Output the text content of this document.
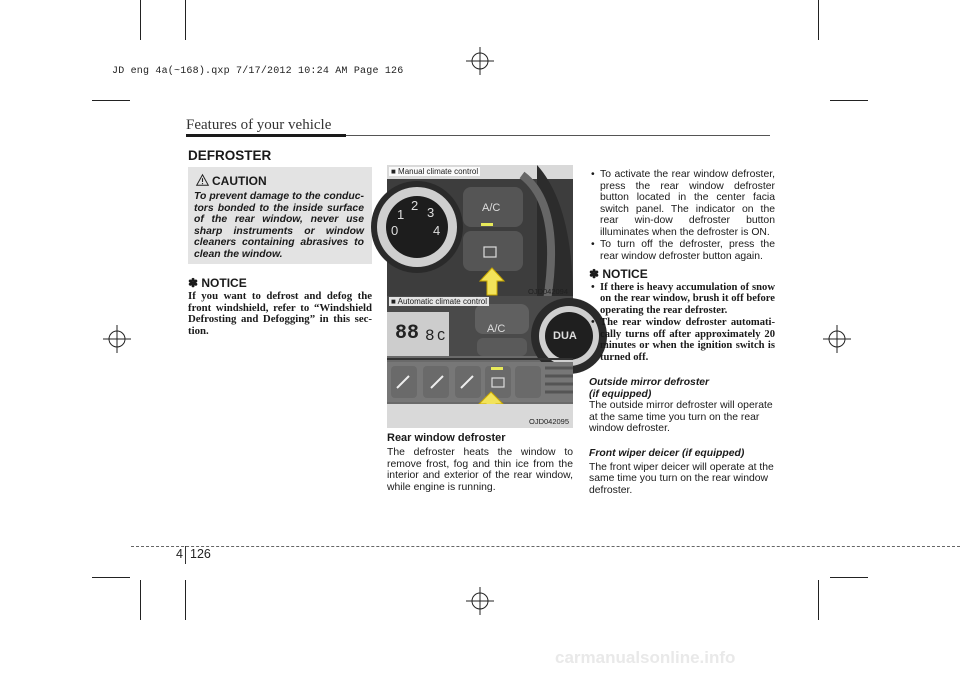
JD eng 4a(~168).qxp 7/17/2012 10:24 AM Page 126
Features of your vehicle
DEFROSTER
CAUTION
To prevent damage to the conduc-tors bonded to the inside surface of the rear window, never use sharp instruments or window cleaners containing abrasives to clean the window.
✽ NOTICE
If you want to defrost and defog the front windshield, refer to “Windshield Defrosting and Defogging” in this sec-tion.
1
2 3
0	4
A/C
■ Manual climate control
OJD042094
88 8 C	A/C
DUA
■ Automatic climate control
OJD042095
Rear window defroster
The defroster heats the window to remove frost, fog and thin ice from the interior and exterior of the rear window, while engine is running.
• To activate the rear window defroster, press the rear window defroster button located in the center facia switch panel. The indicator on the rear win-dow defroster button illuminates when the defroster is ON.
• To turn off the defroster, press the rear window defroster button again.
✽ NOTICE
• If there is heavy accumulation of snow on the rear window, brush it off before operating the rear defroster.
• The rear window defroster automati-cally turns off after approximately 20 minutes or when the ignition switch is turned off.
Outside mirror defroster
(if equipped)
The outside mirror defroster will operate at the same time you turn on the rear window defroster.
Front wiper deicer (if equipped)
The front wiper deicer will operate at the same time you turn on the rear window defroster.
4 126
carmanualsonline.info
